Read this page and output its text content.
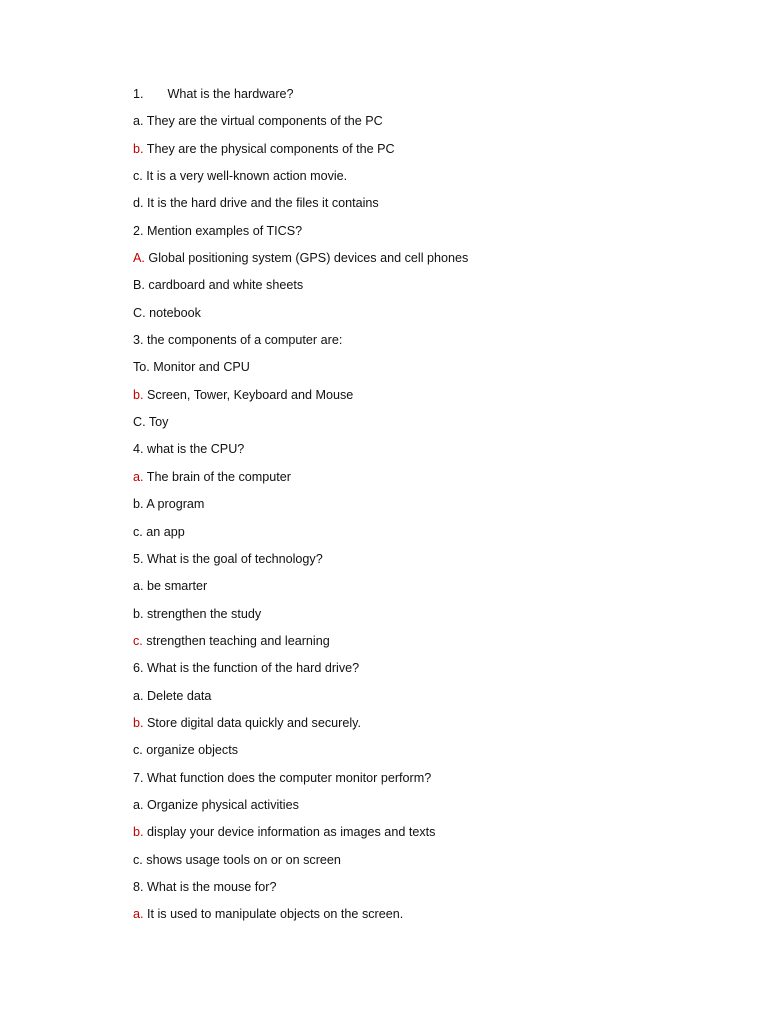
1. What is the hardware?
a. They are the virtual components of the PC
b. They are the physical components of the PC
c. It is a very well-known action movie.
d. It is the hard drive and the files it contains
2. Mention examples of TICS?
A. Global positioning system (GPS) devices and cell phones
B. cardboard and white sheets
C. notebook
3. the components of a computer are:
To. Monitor and CPU
b. Screen, Tower, Keyboard and Mouse
C. Toy
4. what is the CPU?
a. The brain of the computer
b. A program
c. an app
5. What is the goal of technology?
a. be smarter
b. strengthen the study
c. strengthen teaching and learning
6. What is the function of the hard drive?
a. Delete data
b. Store digital data quickly and securely.
c. organize objects
7. What function does the computer monitor perform?
a. Organize physical activities
b. display your device information as images and texts
c. shows usage tools on or on screen
8. What is the mouse for?
a. It is used to manipulate objects on the screen.
